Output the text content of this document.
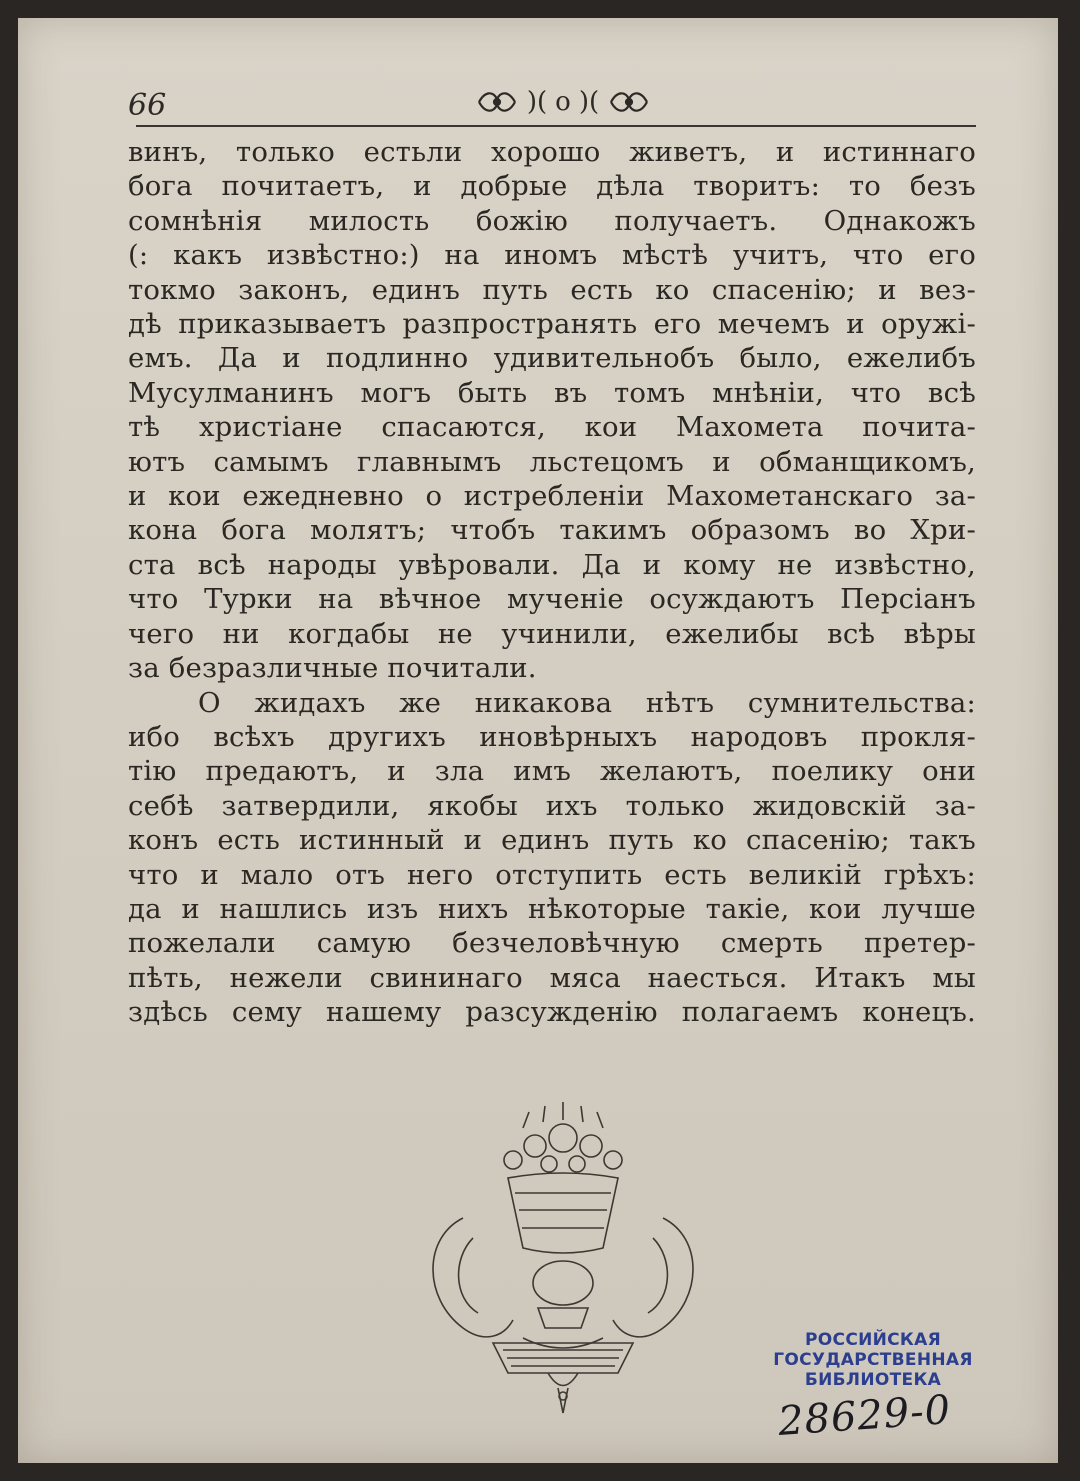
66	)( о )(
винъ, только естьли хорошо живетъ, и истиннаго
бога почитаетъ, и добрые дѣла творитъ: то безъ
сомнѣнія милость божію получаетъ. Однакожъ
(: какъ извѣстно:) на иномъ мѣстѣ учитъ, что его
токмо законъ, единъ путь есть ко спасенію; и вез-
дѣ приказываетъ разпространять его мечемъ и оружі-
емъ. Да и подлинно удивительнобъ было, ежелибъ
Мусулманинъ могъ быть въ томъ мнѣніи, что всѣ
тѣ христіане спасаются, кои Махомета почита-
ютъ самымъ главнымъ льстецомъ и обманщикомъ,
и кои ежедневно о истребленіи Махометанскаго за-
кона бога молятъ; чтобъ такимъ образомъ во Хри-
ста всѣ народы увѣровали. Да и кому не извѣстно,
что Турки на вѣчное мученіе осуждаютъ Персіанъ
чего ни когдабы не учинили, ежелибы всѣ вѣры
за безразличные почитали.
О жидахъ же никакова нѣтъ сумнительства:
ибо всѣхъ другихъ иновѣрныхъ народовъ прокля-
тію предаютъ, и зла имъ желаютъ, поелику они
себѣ затвердили, якобы ихъ только жидовскій за-
конъ есть истинный и единъ путь ко спасенію; такъ
что и мало отъ него отступить есть великій грѣхъ:
да и нашлись изъ нихъ нѣкоторые такіе, кои лучше
пожелали самую безчеловѣчную смерть претер-
пѣть, нежели свининаго мяса наесться. Итакъ мы
здѣсь сему нашему разсужденію полагаемъ конецъ.
РОССИЙСКАЯ
ГОСУДАРСТВЕННАЯ
БИБЛИОТЕКА
28629-0
